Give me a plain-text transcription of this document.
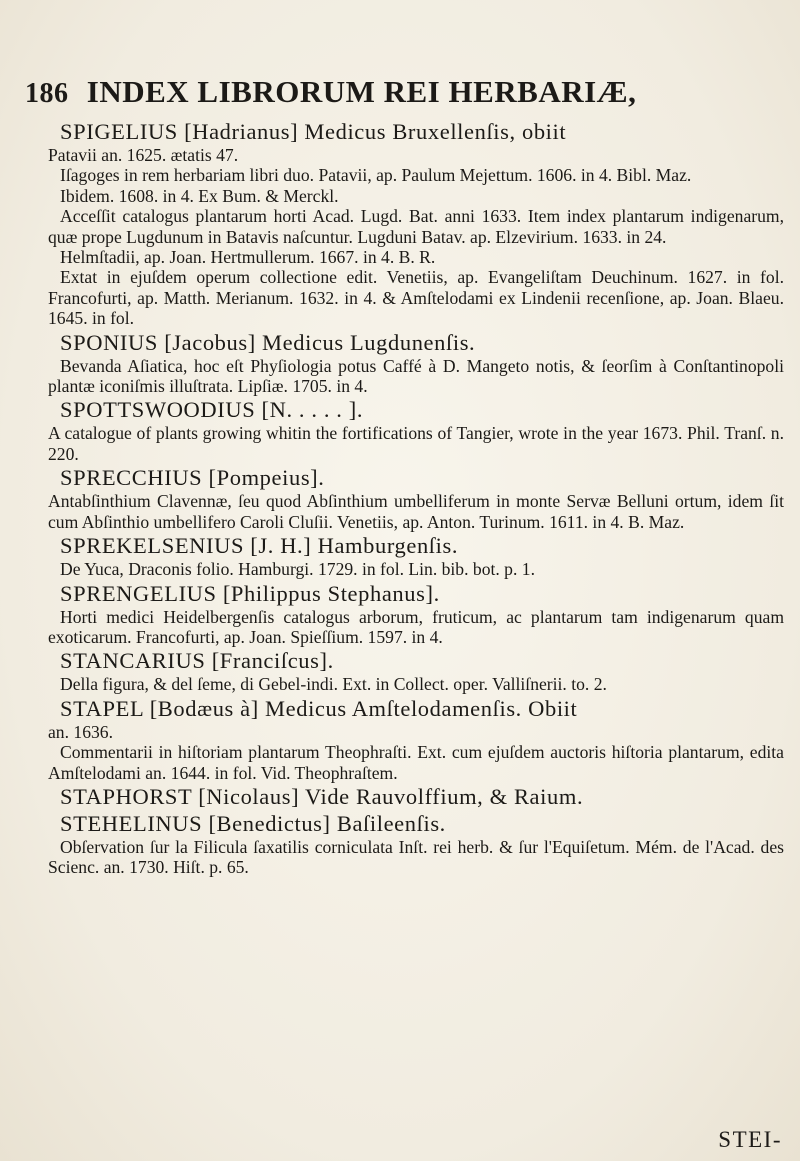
186 INDEX LIBRORUM REI HERBARIÆ,
SPIGELIUS [Hadrianus] Medicus Bruxellenſis, obiit

Patavii an. 1625. ætatis 47.

Iſagoges in rem herbariam libri duo. Patavii, ap. Paulum Mejettum. 1606. in 4. Bibl. Maz.

Ibidem. 1608. in 4. Ex Bum. & Merckl.

Acceſſit catalogus plantarum horti Acad. Lugd. Bat. anni 1633. Item index plantarum indigenarum, quæ prope Lugdunum in Batavis naſcuntur. Lugduni Batav. ap. Elzevirium. 1633. in 24.

Helmſtadii, ap. Joan. Hertmullerum. 1667. in 4. B. R.

Extat in ejuſdem operum collectione edit. Venetiis, ap. Evangeliſtam Deuchinum. 1627. in fol. Francofurti, ap. Matth. Merianum. 1632. in 4. & Amſtelodami ex Lindenii recenſione, ap. Joan. Blaeu. 1645. in fol.

SPONIUS [Jacobus] Medicus Lugdunenſis.

Bevanda Aſiatica, hoc eſt Phyſiologia potus Caffé à D. Mangeto notis, & ſeorſim à Conſtantinopoli plantæ iconiſmis illuſtrata. Lipſiæ. 1705. in 4.

SPOTTSWOODIUS [N. . . . . ].

A catalogue of plants growing whitin the fortifications of Tangier, wrote in the year 1673. Phil. Tranſ. n. 220.

SPRECCHIUS [Pompeius].

Antabſinthium Clavennæ, ſeu quod Abſinthium umbelliferum in monte Servæ Belluni ortum, idem ſit cum Abſinthio umbellifero Caroli Cluſii. Venetiis, ap. Anton. Turinum. 1611. in 4. B. Maz.

SPREKELSENIUS [J. H.] Hamburgenſis.

De Yuca, Draconis folio. Hamburgi. 1729. in fol. Lin. bib. bot. p. 1.

SPRENGELIUS [Philippus Stephanus].

Horti medici Heidelbergenſis catalogus arborum, fruticum, ac plantarum tam indigenarum quam exoticarum. Francofurti, ap. Joan. Spieſſium. 1597. in 4.

STANCARIUS [Franciſcus].

Della figura, & del ſeme, di Gebel-indi. Ext. in Collect. oper. Valliſnerii. to. 2.

STAPEL [Bodæus à] Medicus Amſtelodamenſis. Obiit

an. 1636.

Commentarii in hiſtoriam plantarum Theophraſti. Ext. cum ejuſdem auctoris hiſtoria plantarum, edita Amſtelodami an. 1644. in fol. Vid. Theophraſtem.

STAPHORST [Nicolaus] Vide Rauvolffium, & Raium.
STEHELINUS [Benedictus] Baſileenſis.

Obſervation ſur la Filicula ſaxatilis corniculata Inſt. rei herb. & ſur l'Equiſetum. Mém. de l'Acad. des Scienc. an. 1730. Hiſt. p. 65.

STEI-
